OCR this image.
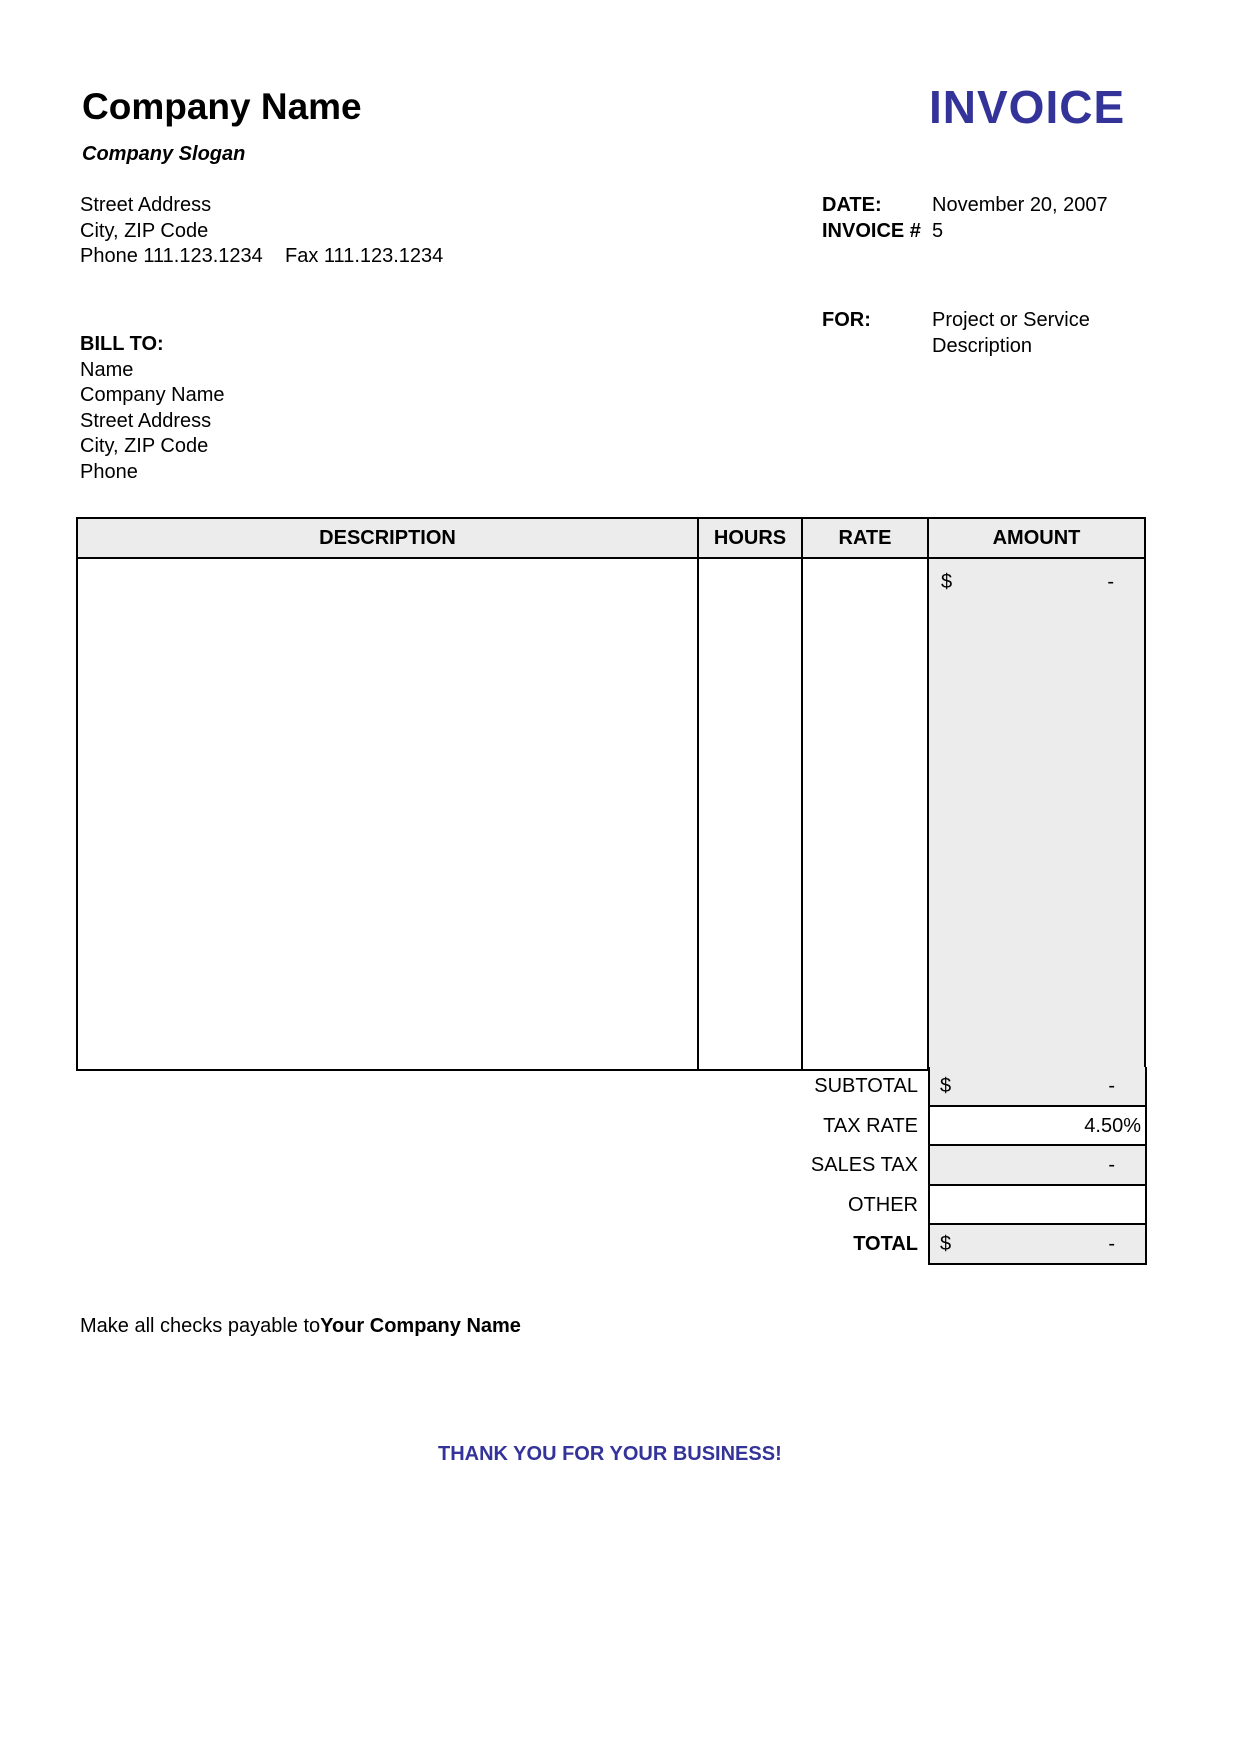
Company Name
Company Slogan
Street Address
City, ZIP Code
Phone 111.123.1234 Fax 111.123.1234
INVOICE
DATE:	November 20, 2007
INVOICE # 5
FOR:	Project or Service
Description
BILL TO:
Name
Company Name
Street Address
City, ZIP Code
Phone
DESCRIPTION	HOURS	RATE	AMOUNT

			$ -
SUBTOTAL $	-
TAX RATE	4.50%
SALES TAX	-
OTHER
TOTAL $	-
Make all checks payable toYour Company Name
THANK YOU FOR YOUR BUSINESS!
